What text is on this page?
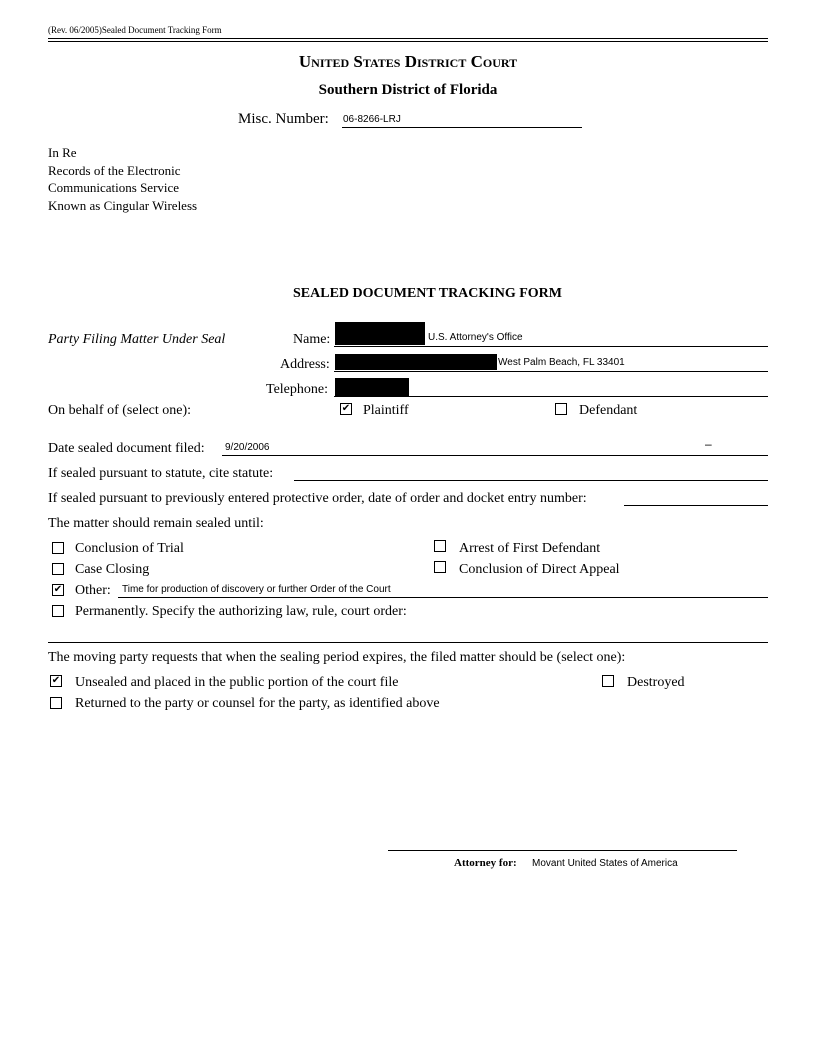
(Rev. 06/2005)Sealed Document Tracking Form
United States District Court
Southern District of Florida
Misc. Number: 06-8266-LRJ
In Re
Records of the Electronic
Communications Service
Known as Cingular Wireless
SEALED DOCUMENT TRACKING FORM
Party Filing Matter Under Seal	Name:	U.S. Attorney's Office
Address:	West Palm Beach, FL 33401
Telephone:
On behalf of (select one):	✔ Plaintiff	Defendant
Date sealed document filed: 9/20/2006	–
If sealed pursuant to statute, cite statute:
If sealed pursuant to previously entered protective order, date of order and docket entry number:
The matter should remain sealed until:
Conclusion of Trial	Arrest of First Defendant
Case Closing	Conclusion of Direct Appeal
✔ Other: Time for production of discovery or further Order of the Court
Permanently. Specify the authorizing law, rule, court order:
The moving party requests that when the sealing period expires, the filed matter should be (select one):
✔ Unsealed and placed in the public portion of the court file	Destroyed
Returned to the party or counsel for the party, as identified above
Attorney for: Movant United States of America
